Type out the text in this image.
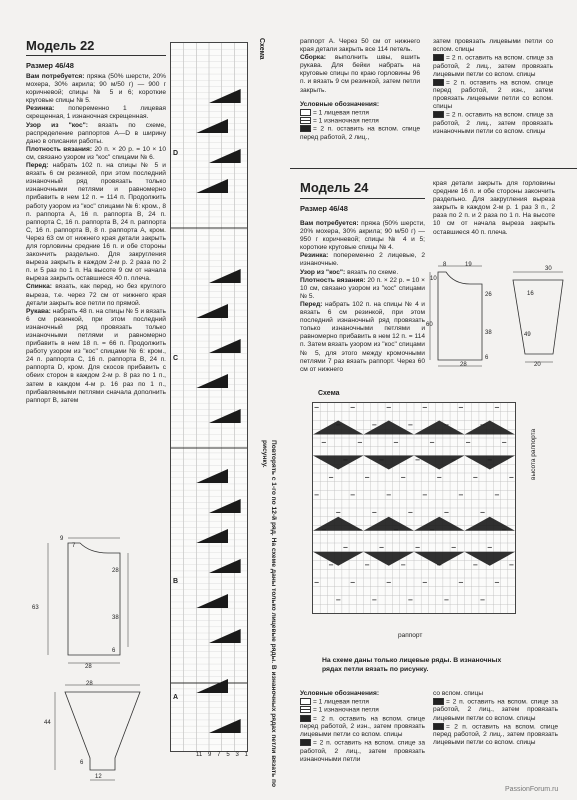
Модель 22
Размер 46/48

Вам потребуется: пряжа (50% шерсти, 20% мохера, 30% акрила; 90 м/50 г) — 900 г коричневой; спицы № 5 и 6; короткие круговые спицы № 5.

Резинка: попеременно 1 лицевая скрещенная, 1 изнаночная скрещенная.

Узор из "кос": вязать по схеме, распределение раппортов A—D в ширину дано в описании работы.

Плотность вязания: 20 п. × 20 р. = 10 × 10 см, связано узором из "кос" спицами № 6.

Перед: набрать 102 п. на спицы № 5 и вязать 6 см резинкой, при этом последний изнаночный ряд провязать только изнаночными петлями и равномерно прибавить в нем 12 п. = 114 п. Продолжить работу узором из "кос" спицами № 6: кром., 8 п. раппорта A, 16 п. раппорта B, 24 п. раппорта C, 16 п. раппорта B, 24 п. раппорта C, 16 п. раппорта B, 8 п. раппорта A, кром. Через 63 см от нижнего края детали закрыть для горловины средние 16 п. и обе стороны закончить раздельно. Для закругления выреза закрыть в каждом 2-м р. 2 раза по 2 п. и 5 раз по 1 п. На высоте 9 см от начала выреза закрыть оставшиеся 40 п. плеча.

Спинка: вязать, как перед, но без круглого выреза, т.е. через 72 см от нижнего края детали закрыть все петли по прямой.

Рукава: набрать 48 п. на спицы № 5 и вязать 6 см резинкой, при этом последний изнаночный ряд провязать только изнаночными петлями и равномерно прибавить в нем 18 п. = 66 п. Продолжить работу узором из "кос" спицами № 6: кром., 24 п. раппорта C, 16 п. раппорта B, 24 п. раппорта D, кром. Для скосов прибавить с обеих сторон в каждом 2-м р. 8 раз по 1 п., затем в каждом 4-м р. 16 раз по 1 п., прибавляемыми петлями сначала дополнить раппорт B, затем

9
7
28
38
63
6
28
28
44
6
12
D
C
B
A
11 9 7 5 3 1
Схема
Повторять с 1-го по 12-й ряд. На схеме даны только лицевые ряды. В изнаночных рядах петли вязать по рисунку.

раппорт A. Через 50 см от нижнего края детали закрыть все 114 петель.

Сборка: выполнить швы, вшить рукава. Для бейки набрать на круговые спицы по краю горловины 96 п. и вязать 9 см резинкой, затем петли закрыть.

Условные обозначения:

= 1 лицевая петля

= 1 изнаночная петля

= 2 п. оставить на вспом. спице перед работой, 2 лиц.,

затем провязать лицевыми петли со вспом. спицы

= 2 п. оставить на вспом. спице за работой, 2 лиц., затем провязать лицевыми петли со вспом. спицы

= 2 п. оставить на вспом. спице перед работой, 2 изн., затем провязать лицевыми петли со вспом. спицы

= 2 п. оставить на вспом. спице за работой, 2 лиц., затем провязать изнаночными петли со вспом. спицы

Модель 24
Размер 46/48

Вам потребуется: пряжа (50% шерсти, 20% мохера, 30% акрила; 90 м/50 г) — 950 г коричневой; спицы № 4 и 5; короткие круговые спицы № 4.

Резинка: попеременно 2 лицевые, 2 изнаночные.

Узор из "кос": вязать по схеме.

Плотность вязания: 20 п. × 22 р. = 10 × 10 см, связано узором из "кос" спицами № 5.

Перед: набрать 102 п. на спицы № 4 и вязать 6 см резинкой, при этом последний изнаночный ряд провязать только изнаночными петлями и равномерно прибавить в нем 12 п. = 114 п. Затем вязать узором из "кос" спицами № 5, для этого между кромочными петлями 7 раз вязать раппорт. Через 60 см от нижнего

края детали закрыть для горловины средние 16 п. и обе стороны закончить раздельно. Для закругления выреза закрыть в каждом 2-м р. 1 раз 3 п., 2 раза по 2 п. и 2 раза по 1 п. На высоте 10 см от начала выреза закрыть оставшиеся 40 п. плеча.
8	19
10
26
60
38
6
28
30
16
49
20
Схема
высота раппорта
раппорт
На схеме даны только лицевые ряды. В изнаночных рядах петли вязать по рисунку.

Условные обозначения:

= 1 лицевая петля

= 1 изнаночная петля

= 2 п. оставить на вспом. спице перед работой, 2 изн., затем провязать лицевыми петли со вспом. спицы

= 2 п. оставить на вспом. спице за работой, 2 лиц., затем провязать изнаночными петли

со вспом. спицы

= 2 п. оставить на вспом. спице за работой, 2 лиц., затем провязать лицевыми петли со вспом. спицы

= 2 п. оставить на вспом. спице перед работой, 2 лиц., затем провязать лицевыми петли со вспом. спицы

PassionForum.ru
